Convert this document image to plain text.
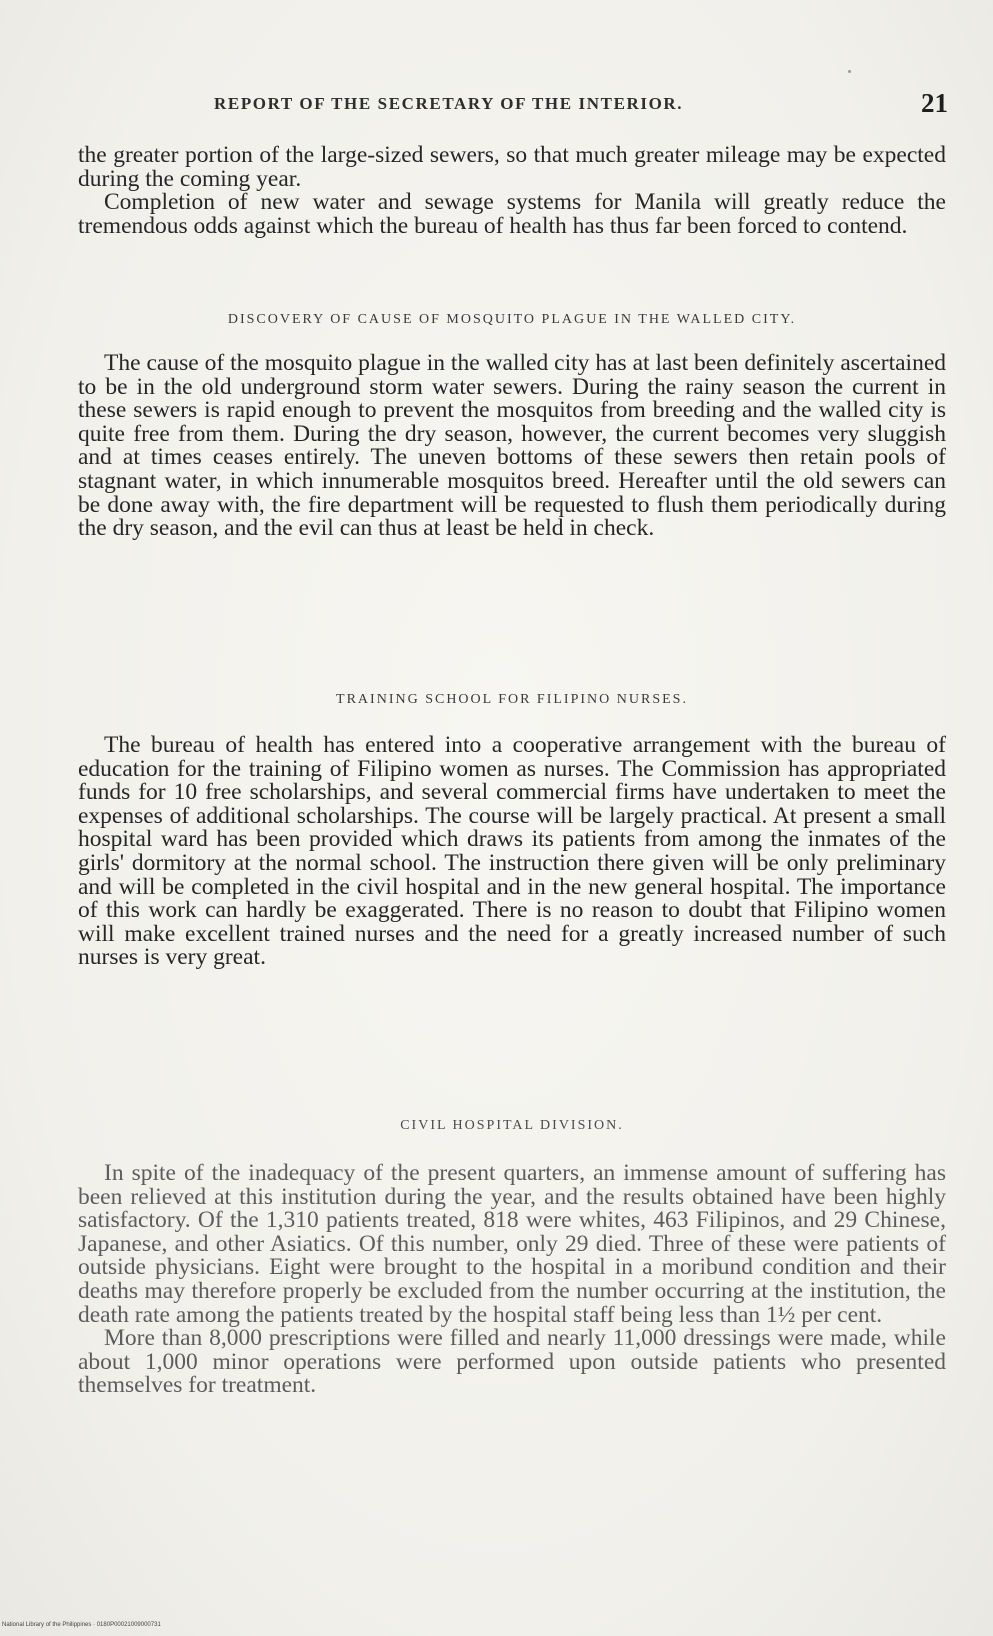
REPORT OF THE SECRETARY OF THE INTERIOR.	21

the greater portion of the large-sized sewers, so that much greater mileage may be expected during the coming year.

Completion of new water and sewage systems for Manila will greatly reduce the tremendous odds against which the bureau of health has thus far been forced to contend.

DISCOVERY OF CAUSE OF MOSQUITO PLAGUE IN THE WALLED CITY.

The cause of the mosquito plague in the walled city has at last been definitely ascertained to be in the old underground storm water sewers. During the rainy season the current in these sewers is rapid enough to prevent the mosquitos from breeding and the walled city is quite free from them. During the dry season, however, the current becomes very sluggish and at times ceases entirely. The uneven bottoms of these sewers then retain pools of stagnant water, in which innumerable mosquitos breed. Hereafter until the old sewers can be done away with, the fire department will be requested to flush them periodically during the dry season, and the evil can thus at least be held in check.

TRAINING SCHOOL FOR FILIPINO NURSES.

The bureau of health has entered into a cooperative arrangement with the bureau of education for the training of Filipino women as nurses. The Commission has appropriated funds for 10 free scholarships, and several commercial firms have undertaken to meet the expenses of additional scholarships. The course will be largely practical. At present a small hospital ward has been provided which draws its patients from among the inmates of the girls' dormitory at the normal school. The instruction there given will be only preliminary and will be completed in the civil hospital and in the new general hospital. The importance of this work can hardly be exaggerated. There is no reason to doubt that Filipino women will make excellent trained nurses and the need for a greatly increased number of such nurses is very great.

CIVIL HOSPITAL DIVISION.

In spite of the inadequacy of the present quarters, an immense amount of suffering has been relieved at this institution during the year, and the results obtained have been highly satisfactory. Of the 1,310 patients treated, 818 were whites, 463 Filipinos, and 29 Chinese, Japanese, and other Asiatics. Of this number, only 29 died. Three of these were patients of outside physicians. Eight were brought to the hospital in a moribund condition and their deaths may therefore properly be excluded from the number occurring at the institution, the death rate among the patients treated by the hospital staff being less than 1½ per cent.

More than 8,000 prescriptions were filled and nearly 11,000 dressings were made, while about 1,000 minor operations were performed upon outside patients who presented themselves for treatment.

National Library of the Philippines · 0180P00021009000731
